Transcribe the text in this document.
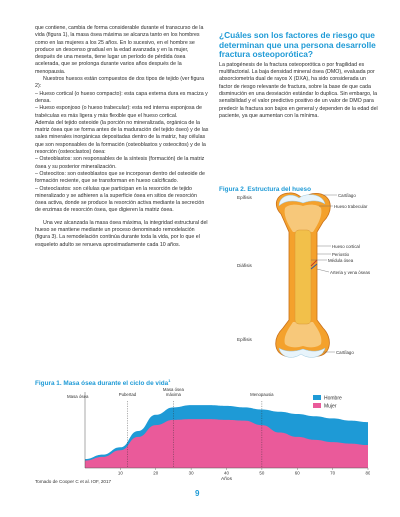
que contiene, cambia de forma considerable durante el transcurso de la vida (figura 1), la masa ósea máxima se alcanza tanto en los hombres como en las mujeres a los 25 años. En lo sucesivo, en el hombre se produce un descenso gradual en la edad avanzada y en la mujer, después de una meseta, tiene lugar un período de pérdida ósea acelerada, que se prolonga durante varios años después de la menopausia.

Nuestros huesos están compuestos de dos tipos de tejido (ver figura 2):

– Hueso cortical (o hueso compacto): esta capa externa dura es maciza y densa.

– Hueso esponjoso (o hueso trabecular): esta red interna esponjosa de trabéculas es más ligera y más flexible que el hueso cortical.

Además del tejido osteoide (la porción no mineralizada, orgánica de la matriz ósea que se forma antes de la maduración del tejido óseo) y de las sales minerales inorgánicas depositadas dentro de la matriz, hay células que son responsables de la formación (osteoblastos y osteocitos) y de la resorción (osteoclastos) ósea:

– Osteoblastos: son responsables de la síntesis (formación) de la matriz ósea y su posterior mineralización.

– Osteocitos: son osteoblastos que se incorporan dentro del osteoide de formación reciente, que se transforman en hueso calcificado.

– Osteoclastos: son células que participan en la resorción de tejido mineralizado y se adhieren a la superficie ósea en sitios de resorción ósea activa, donde se produce la resorción activa mediante la secreción de enzimas de resorción ósea, que digieren la matriz ósea.

Una vez alcanzada la masa ósea máxima, la integridad estructural del hueso se mantiene mediante un proceso denominado remodelación (figura 3). La remodelación continúa durante toda la vida, por lo que el esqueleto adulto se renueva aproximadamente cada 10 años.

¿Cuáles son los factores de riesgo que determinan que una persona desarrolle fractura osteoporótica?

La patogénesis de la fractura osteoporótica o por fragilidad es multifactorial. La baja densidad mineral ósea (DMO), evaluada por absorciometría dual de rayos X (DXA), ha sido considerada un factor de riesgo relevante de fractura, sobre la base de que cada disminución en una desviación estándar lo duplica. Sin embargo, la sensibilidad y el valor predictivo positivo de un valor de DMO para predecir la fractura son bajos en general y dependen de la edad del paciente, ya que aumentan con la mínima.

Figura 2. Estructura del hueso
Epífisis
Diáfisis
Epífisis
Cartílago
Hueso trabecular
Hueso cortical
Periostio
Médula ósea
Arteria y vena óseas
Cartílago
Figura 1. Masa ósea durante el ciclo de vida$^1$
10	20	30	40	50	60	70	80
Años
Pubertad
Masa ósea
máxima	Menopausia
Hombre
Mujer
Masa ósea
Tomado de Cooper C et al. IOF, 2017
9
